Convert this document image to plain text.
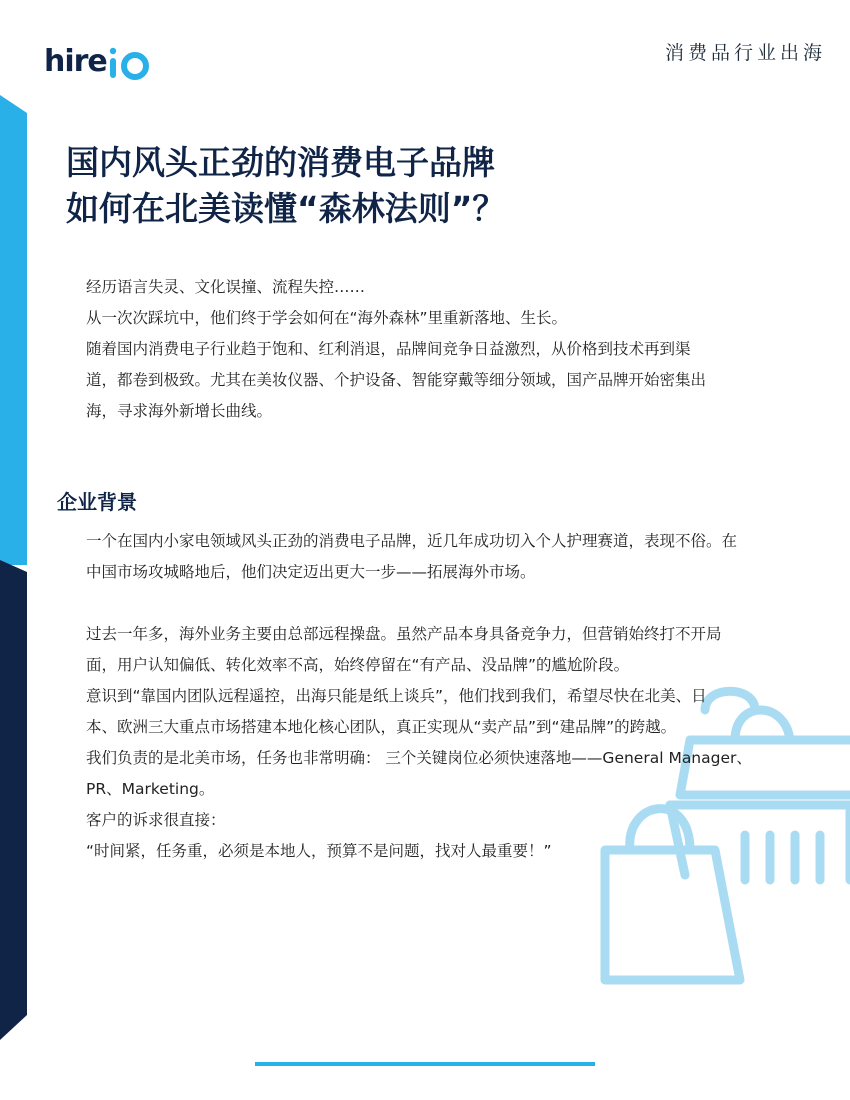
hire	消费品行业出海
国内风头正劲的消费电子品牌
如何在北美读懂“森林法则”？

经历语言失灵、文化误撞、流程失控……

从一次次踩坑中，他们终于学会如何在“海外森林”里重新落地、生长。

随着国内消费电子行业趋于饱和、红利消退，品牌间竞争日益激烈，从价格到技术再到渠

道，都卷到极致。尤其在美妆仪器、个护设备、智能穿戴等细分领域，国产品牌开始密集出

海，寻求海外新增长曲线。

企业背景

一个在国内小家电领域风头正劲的消费电子品牌，近几年成功切入个人护理赛道，表现不俗。在

中国市场攻城略地后，他们决定迈出更大一步——拓展海外市场。

过去一年多，海外业务主要由总部远程操盘。虽然产品本身具备竞争力，但营销始终打不开局

面，用户认知偏低、转化效率不高，始终停留在“有产品、没品牌”的尴尬阶段。

意识到“靠国内团队远程遥控，出海只能是纸上谈兵”，他们找到我们，希望尽快在北美、日

本、欧洲三大重点市场搭建本地化核心团队，真正实现从“卖产品”到“建品牌”的跨越。

我们负责的是北美市场，任务也非常明确： 三个关键岗位必须快速落地——General Manager、

PR、Marketing。

客户的诉求很直接：

“时间紧，任务重，必须是本地人，预算不是问题，找对人最重要！”
